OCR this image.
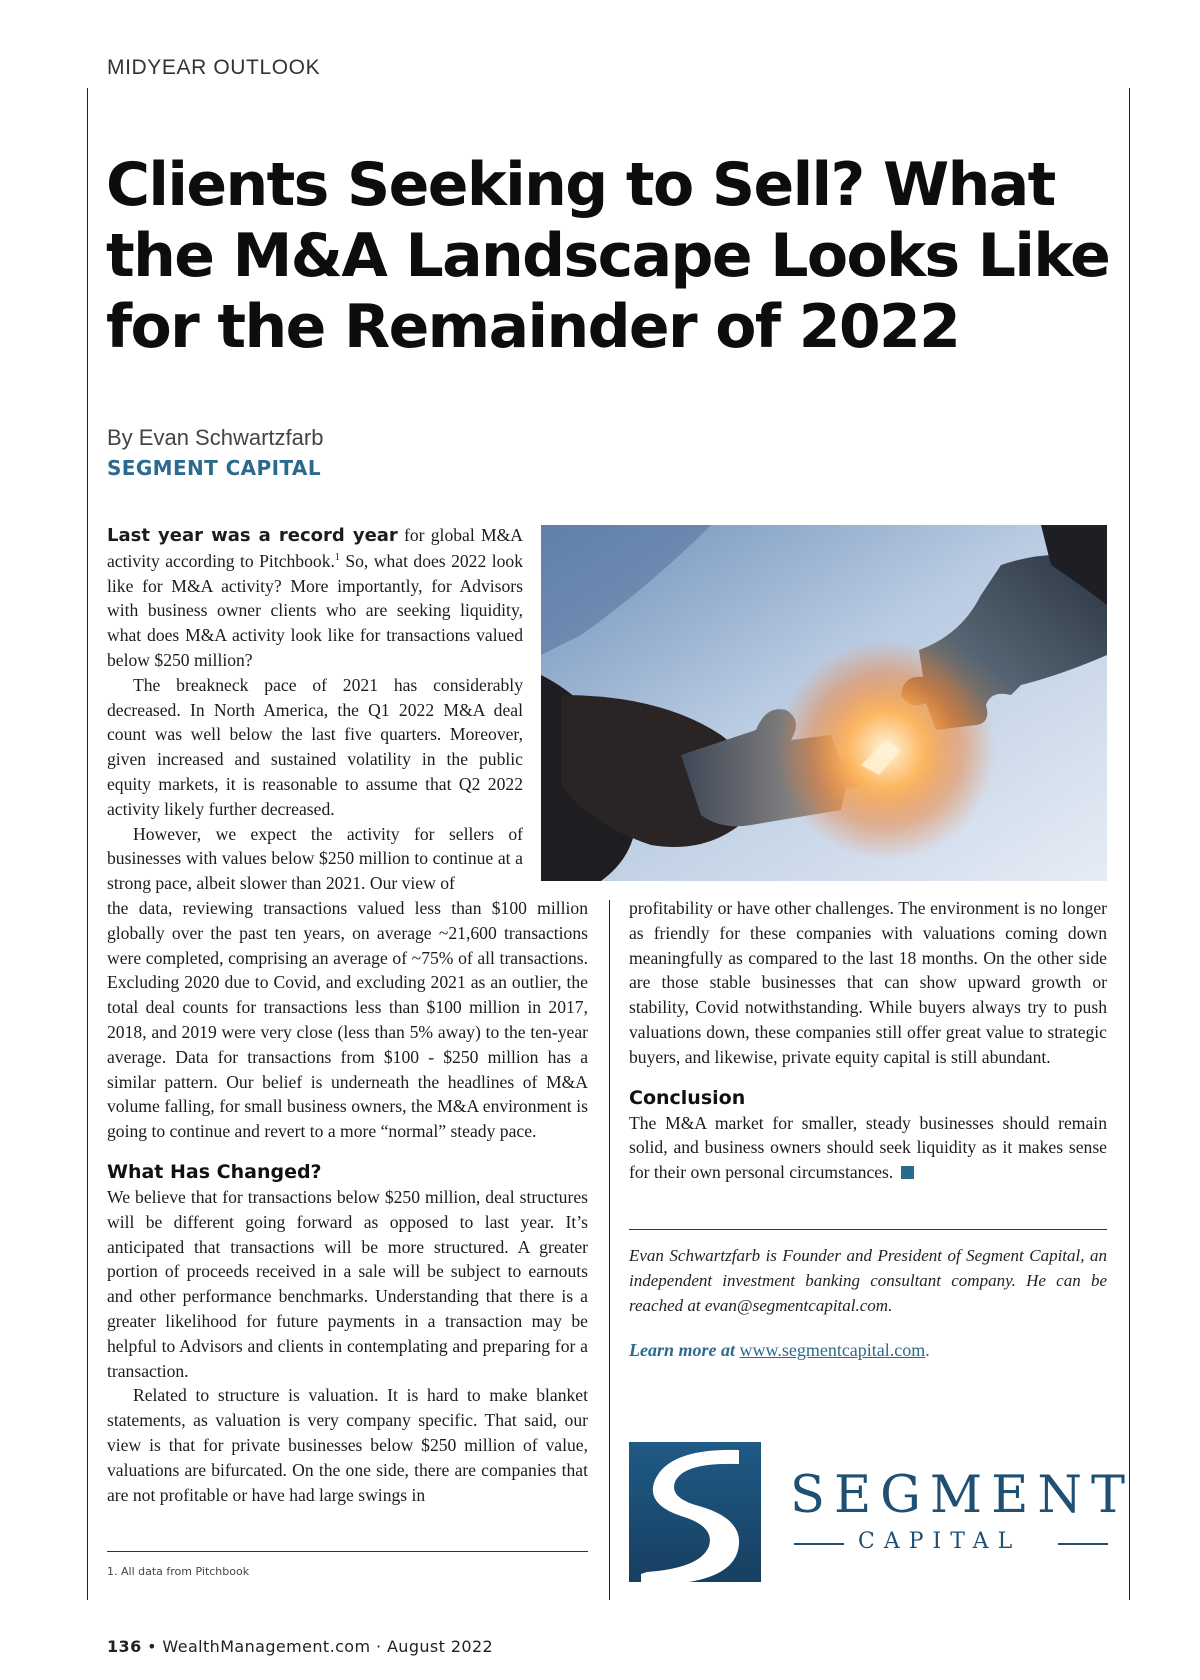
MIDYEAR OUTLOOK
Clients Seeking to Sell? What
the M&A Landscape Looks Like
for the Remainder of 2022
By Evan Schwartzfarb
SEGMENT CAPITAL

Last year was a record year for global M&A activity according to Pitchbook.$^1$ So, what does 2022 look like for M&A activity? More importantly, for Advisors with business owner clients who are seeking liquidity, what does M&A activity look like for transactions valued below $250 million?

The breakneck pace of 2021 has considerably decreased. In North America, the Q1 2022 M&A deal count was well below the last five quarters. Moreover, given increased and sustained volatility in the public equity markets, it is reasonable to assume that Q2 2022 activity likely further decreased.

However, we expect the activity for sellers of businesses with values below $250 million to continue at a strong pace, albeit slower than 2021. Our view of

the data, reviewing transactions valued less than $100 million globally over the past ten years, on average ~21,600 transactions were completed, comprising an average of ~75% of all transactions. Excluding 2020 due to Covid, and excluding 2021 as an outlier, the total deal counts for transactions less than $100 million in 2017, 2018, and 2019 were very close (less than 5% away) to the ten-year average. Data for transactions from $100 - $250 million has a similar pattern. Our belief is underneath the headlines of M&A volume falling, for small business owners, the M&A environment is going to continue and revert to a more “normal” steady pace.

What Has Changed?

We believe that for transactions below $250 million, deal structures will be different going forward as opposed to last year. It’s anticipated that transactions will be more structured. A greater portion of proceeds received in a sale will be subject to earnouts and other performance benchmarks. Understanding that there is a greater likelihood for future payments in a transaction may be helpful to Advisors and clients in contemplating and preparing for a transaction.

Related to structure is valuation. It is hard to make blanket statements, as valuation is very company specific. That said, our view is that for private businesses below $250 million of value, valuations are bifurcated. On the one side, there are companies that are not profitable or have had large swings in

1. All data from Pitchbook

profitability or have other challenges. The environment is no longer as friendly for these companies with valuations coming down meaningfully as compared to the last 18 months. On the other side are those stable businesses that can show upward growth or stability, Covid notwithstanding. While buyers always try to push valuations down, these companies still offer great value to strategic buyers, and likewise, private equity capital is still abundant.

Conclusion

The M&A market for smaller, steady businesses should remain solid, and business owners should seek liquidity as it makes sense for their own personal circumstances.

Evan Schwartzfarb is Founder and President of Segment Capital, an independent investment banking consultant company. He can be reached at evan@segmentcapital.com.
Learn more at www.segmentcapital.com.
SEGMENT
CAPITAL
136 • WealthManagement.com · August 2022
